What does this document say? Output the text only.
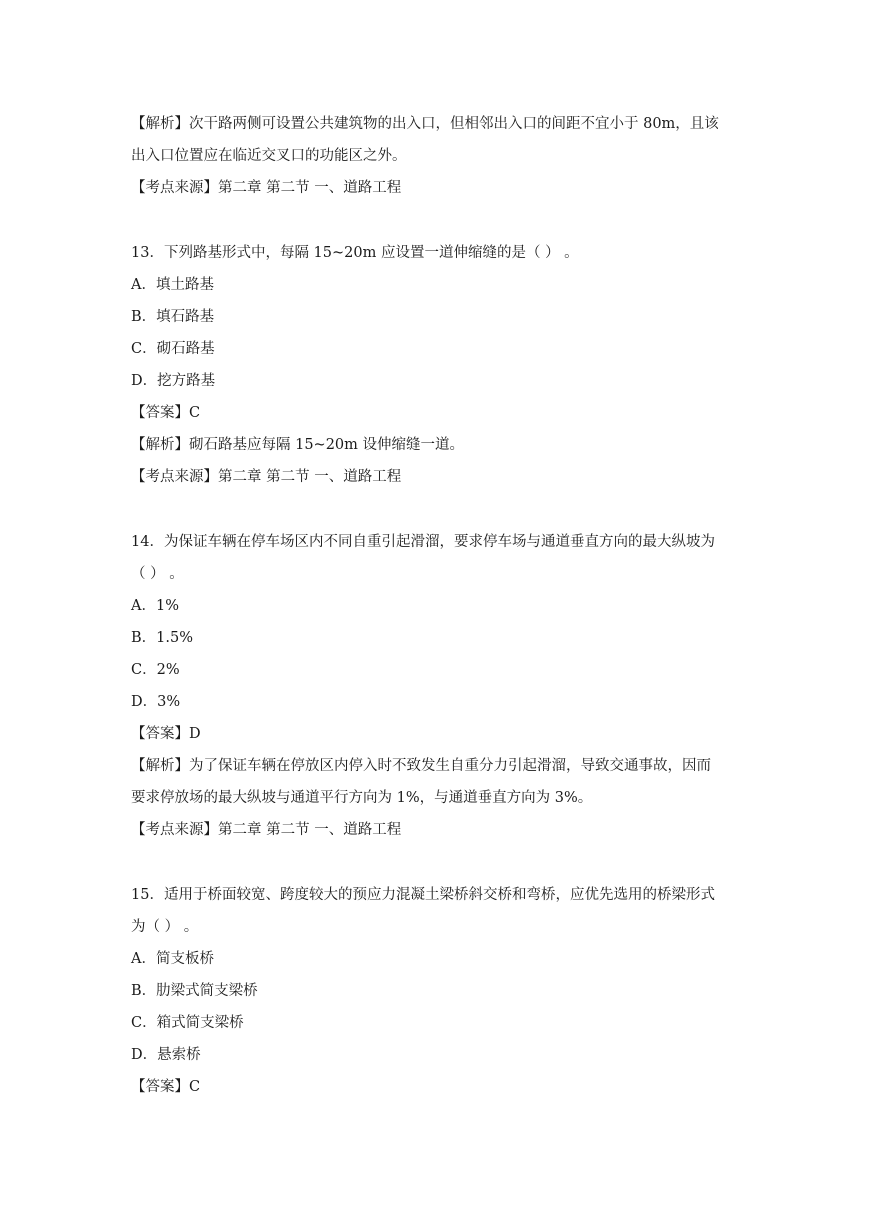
【解析】次干路两侧可设置公共建筑物的出入口，但相邻出入口的间距不宜小于 80m，且该
出入口位置应在临近交叉口的功能区之外。
【考点来源】第二章 第二节 一、道路工程
13．下列路基形式中，每隔 15~20m 应设置一道伸缩缝的是（ ） 。
A．填土路基
B．填石路基
C．砌石路基
D．挖方路基
【答案】C
【解析】砌石路基应每隔 15~20m 设伸缩缝一道。
【考点来源】第二章 第二节 一、道路工程
14．为保证车辆在停车场区内不同自重引起滑溜，要求停车场与通道垂直方向的最大纵坡为
（ ） 。
A．1%
B．1.5%
C．2%
D．3%
【答案】D
【解析】为了保证车辆在停放区内停入时不致发生自重分力引起滑溜，导致交通事故，因而
要求停放场的最大纵坡与通道平行方向为 1%，与通道垂直方向为 3%。
【考点来源】第二章 第二节 一、道路工程
15．适用于桥面较宽、跨度较大的预应力混凝土梁桥斜交桥和弯桥，应优先选用的桥梁形式
为（ ） 。
A．简支板桥
B．肋梁式简支梁桥
C．箱式简支梁桥
D．悬索桥
【答案】C
